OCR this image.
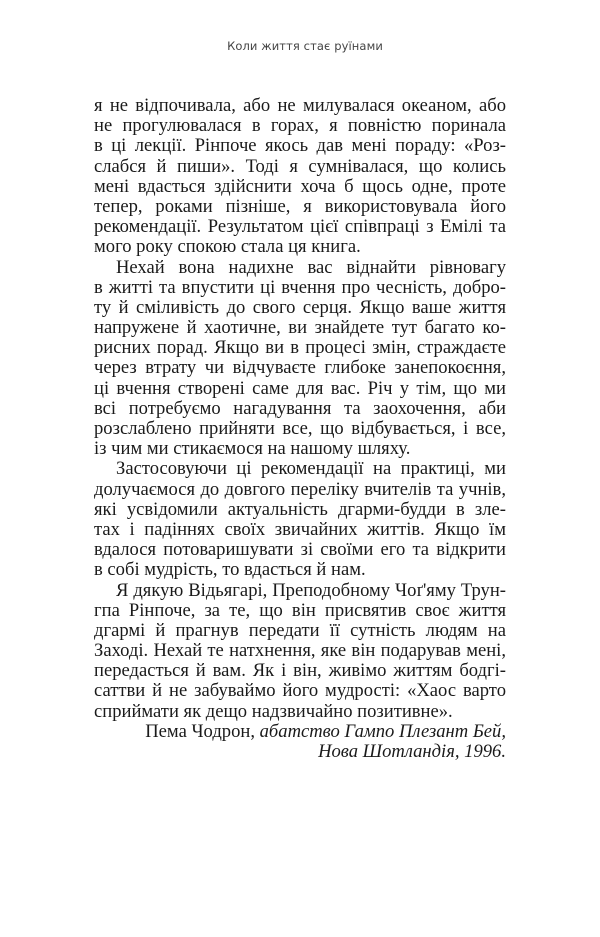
Коли життя стає руїнами
я не відпочивала, або не милувалася океаном, або
не прогулювалася в горах, я повністю поринала
в ці лекції. Рінпоче якось дав мені пораду: «Роз-
слабся й пиши». Тоді я сумнівалася, що колись
мені вдасться здійснити хоча б щось одне, проте
тепер, роками пізніше, я використовувала його
рекомендації. Результатом цієї співпраці з Емілі та
мого року спокою стала ця книга.
Нехай вона надихне вас віднайти рівновагу
в житті та впустити ці вчення про чесність, добро-
ту й сміливість до свого серця. Якщо ваше життя
напружене й хаотичне, ви знайдете тут багато ко-
рисних порад. Якщо ви в процесі змін, страждаєте
через втрату чи відчуваєте глибоке занепокоєння,
ці вчення створені саме для вас. Річ у тім, що ми
всі потребуємо нагадування та заохочення, аби
розслаблено прийняти все, що відбувається, і все,
із чим ми стикаємося на нашому шляху.
Застосовуючи ці рекомендації на практиці, ми
долучаємося до довгого переліку вчителів та учнів,
які усвідомили актуальність дгарми-будди в зле-
тах і падіннях своїх звичайних життів. Якщо їм
вдалося потоваришувати зі своїми его та відкрити
в собі мудрість, то вдасться й нам.
Я дякую Відьягарі, Преподобному Чоґ'яму Трун-
гпа Рінпоче, за те, що він присвятив своє життя
дгармі й прагнув передати її сутність людям на
Заході. Нехай те натхнення, яке він подарував мені,
передасться й вам. Як і він, живімо життям бодгі-
саттви й не забуваймо його мудрості: «Хаос варто
сприймати як дещо надзвичайно позитивне».
Пема Чодрон, абатство Гампо Плезант Бей,
Нова Шотландія, 1996.
